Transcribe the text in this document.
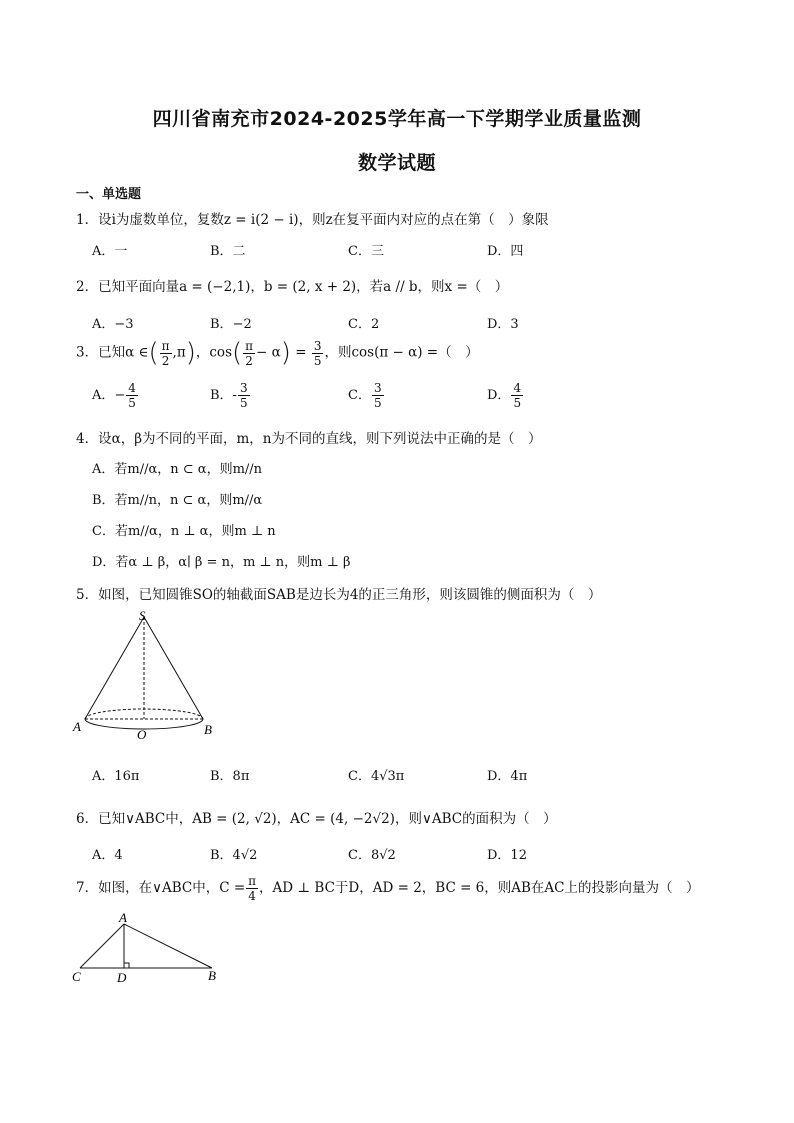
四川省南充市2024-2025学年高一下学期学业质量监测
数学试题
一、单选题
1．设i为虚数单位，复数z = i(2 − i)，则z在复平面内对应的点在第（　）象限
A．一	B．二	C．三	D．四
2．已知平面向量a = (−2,1)，b = (2, x + 2)，若a // b，则x =（　）
A．−3	B．−2	C．2	D．3
3．已知α ∈( $\frac{\pi}{2} ,\pi$)，$\cos( \frac{\pi}{2} - \alpha) = \frac{3}{5}$ ，则cos(π − α) =（　）
A．− $\frac{4}{5}$	B．- $\frac{3}{5}$	C． $\frac{3}{5}$	D． $\frac{4}{5}$
4．设α，β为不同的平面，m，n为不同的直线，则下列说法中正确的是（　）
A．若m//α，n ⊂ α，则m//n
B．若m//n，n ⊂ α，则m//α
C．若m//α，n ⊥ α，则m ⊥ n
D．若α ⊥ β，α∣ β = n，m ⊥ n，则m ⊥ β
5．如图，已知圆锥SO的轴截面SAB是边长为4的正三角形，则该圆锥的侧面积为（　）
S
A
O	B
A．16π	B．8π	C．4√3π	D．4π
6．已知∨ABC中，AB = (2, √2)，AC = (4, −2√2)，则∨ABC的面积为（　）
A．4	B．4√2	C．8√2	D．12
7．如图，在∨ABC中，$C = \frac{\pi}{4}$ ，AD ⊥ BC于D，AD = 2，BC = 6，则AB在AC上的投影向量为（　）
A
C	D	B
